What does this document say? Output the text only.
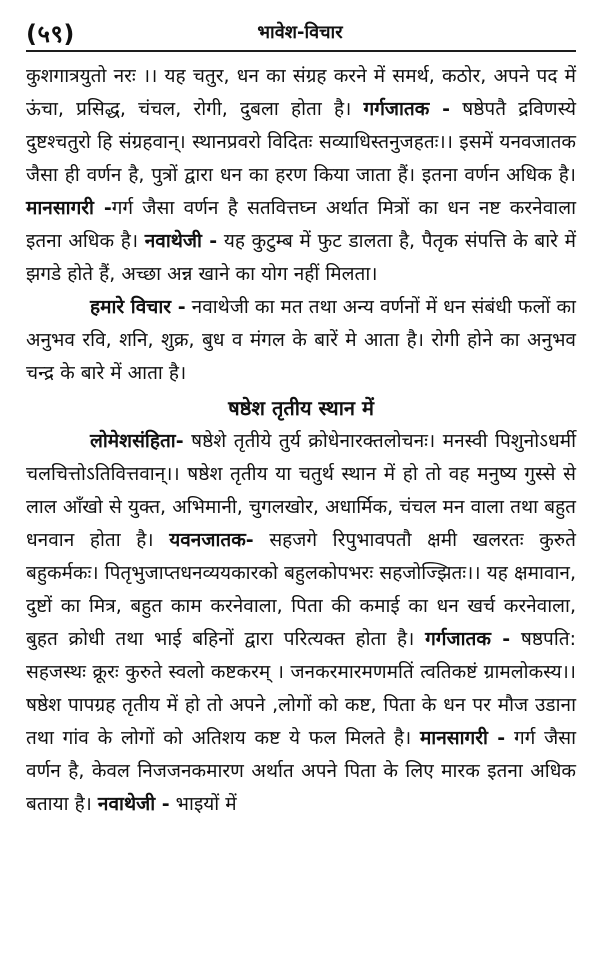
(५९)	भावेश-विचार

कुशगात्रयुतो नरः ।। यह चतुर, धन का संग्रह करने में समर्थ, कठोर, अपने पद में ऊंचा, प्रसिद्ध, चंचल, रोगी, दुबला होता है। गर्गजातक - षष्ठेपतै द्रविणस्ये दुष्टश्चतुरो हि संग्रहवान्। स्थानप्रवरो विदितः सव्याधिस्तनुजहतः।। इसमें यनवजातक जैसा ही वर्णन है, पुत्रों द्वारा धन का हरण किया जाता हैं। इतना वर्णन अधिक है। मानसागरी -गर्ग जैसा वर्णन है सतवित्तघ्न अर्थात मित्रों का धन नष्ट करनेवाला इतना अधिक है। नवाथेजी - यह कुटुम्ब में फुट डालता है, पैतृक संपत्ति के बारे में झगडे होते हैं, अच्छा अन्न खाने का योग नहीं मिलता।

हमारे विचार - नवाथेजी का मत तथा अन्य वर्णनों में धन संबंधी फलों का अनुभव रवि, शनि, शुक्र, बुध व मंगल के बारें मे आता है। रोगी होने का अनुभव चन्द्र के बारे में आता है।

षष्ठेश तृतीय स्थान में

लोमेशसंहिता- षष्ठेशे तृतीये तुर्य क्रोधेनारक्तलोचनः। मनस्वी पिशुनोऽधर्मी चलचित्तोऽतिवित्तवान्।। षष्ठेश तृतीय या चतुर्थ स्थान में हो तो वह मनुष्य गुस्से से लाल आँखो से युक्त, अभिमानी, चुगलखोर, अधार्मिक, चंचल मन वाला तथा बहुत धनवान होता है। यवनजातक- सहजगे रिपुभावपतौ क्षमी खलरतः कुरुते बहुकर्मकः। पितृभुजाप्तधनव्ययकारको बहुलकोपभरः सहजोज्झितः।। यह क्षमावान, दुष्टों का मित्र, बहुत काम करनेवाला, पिता की कमाई का धन खर्च करनेवाला, बुहत क्रोधी तथा भाई बहिनों द्वारा परित्यक्त होता है। गर्गजातक - षष्ठपति: सहजस्थः क्रूरः कुरुते स्वलो कष्टकरम् । जनकरमारमणमतिं त्वतिकष्टं ग्रामलोकस्य।। षष्ठेश पापग्रह तृतीय में हो तो अपने ,लोगों को कष्ट, पिता के धन पर मौज उडाना तथा गांव के लोगों को अतिशय कष्ट ये फल मिलते है। मानसागरी - गर्ग जैसा वर्णन है, केवल निजजनकमारण अर्थात अपने पिता के लिए मारक इतना अधिक बताया है। नवाथेजी - भाइयों में
